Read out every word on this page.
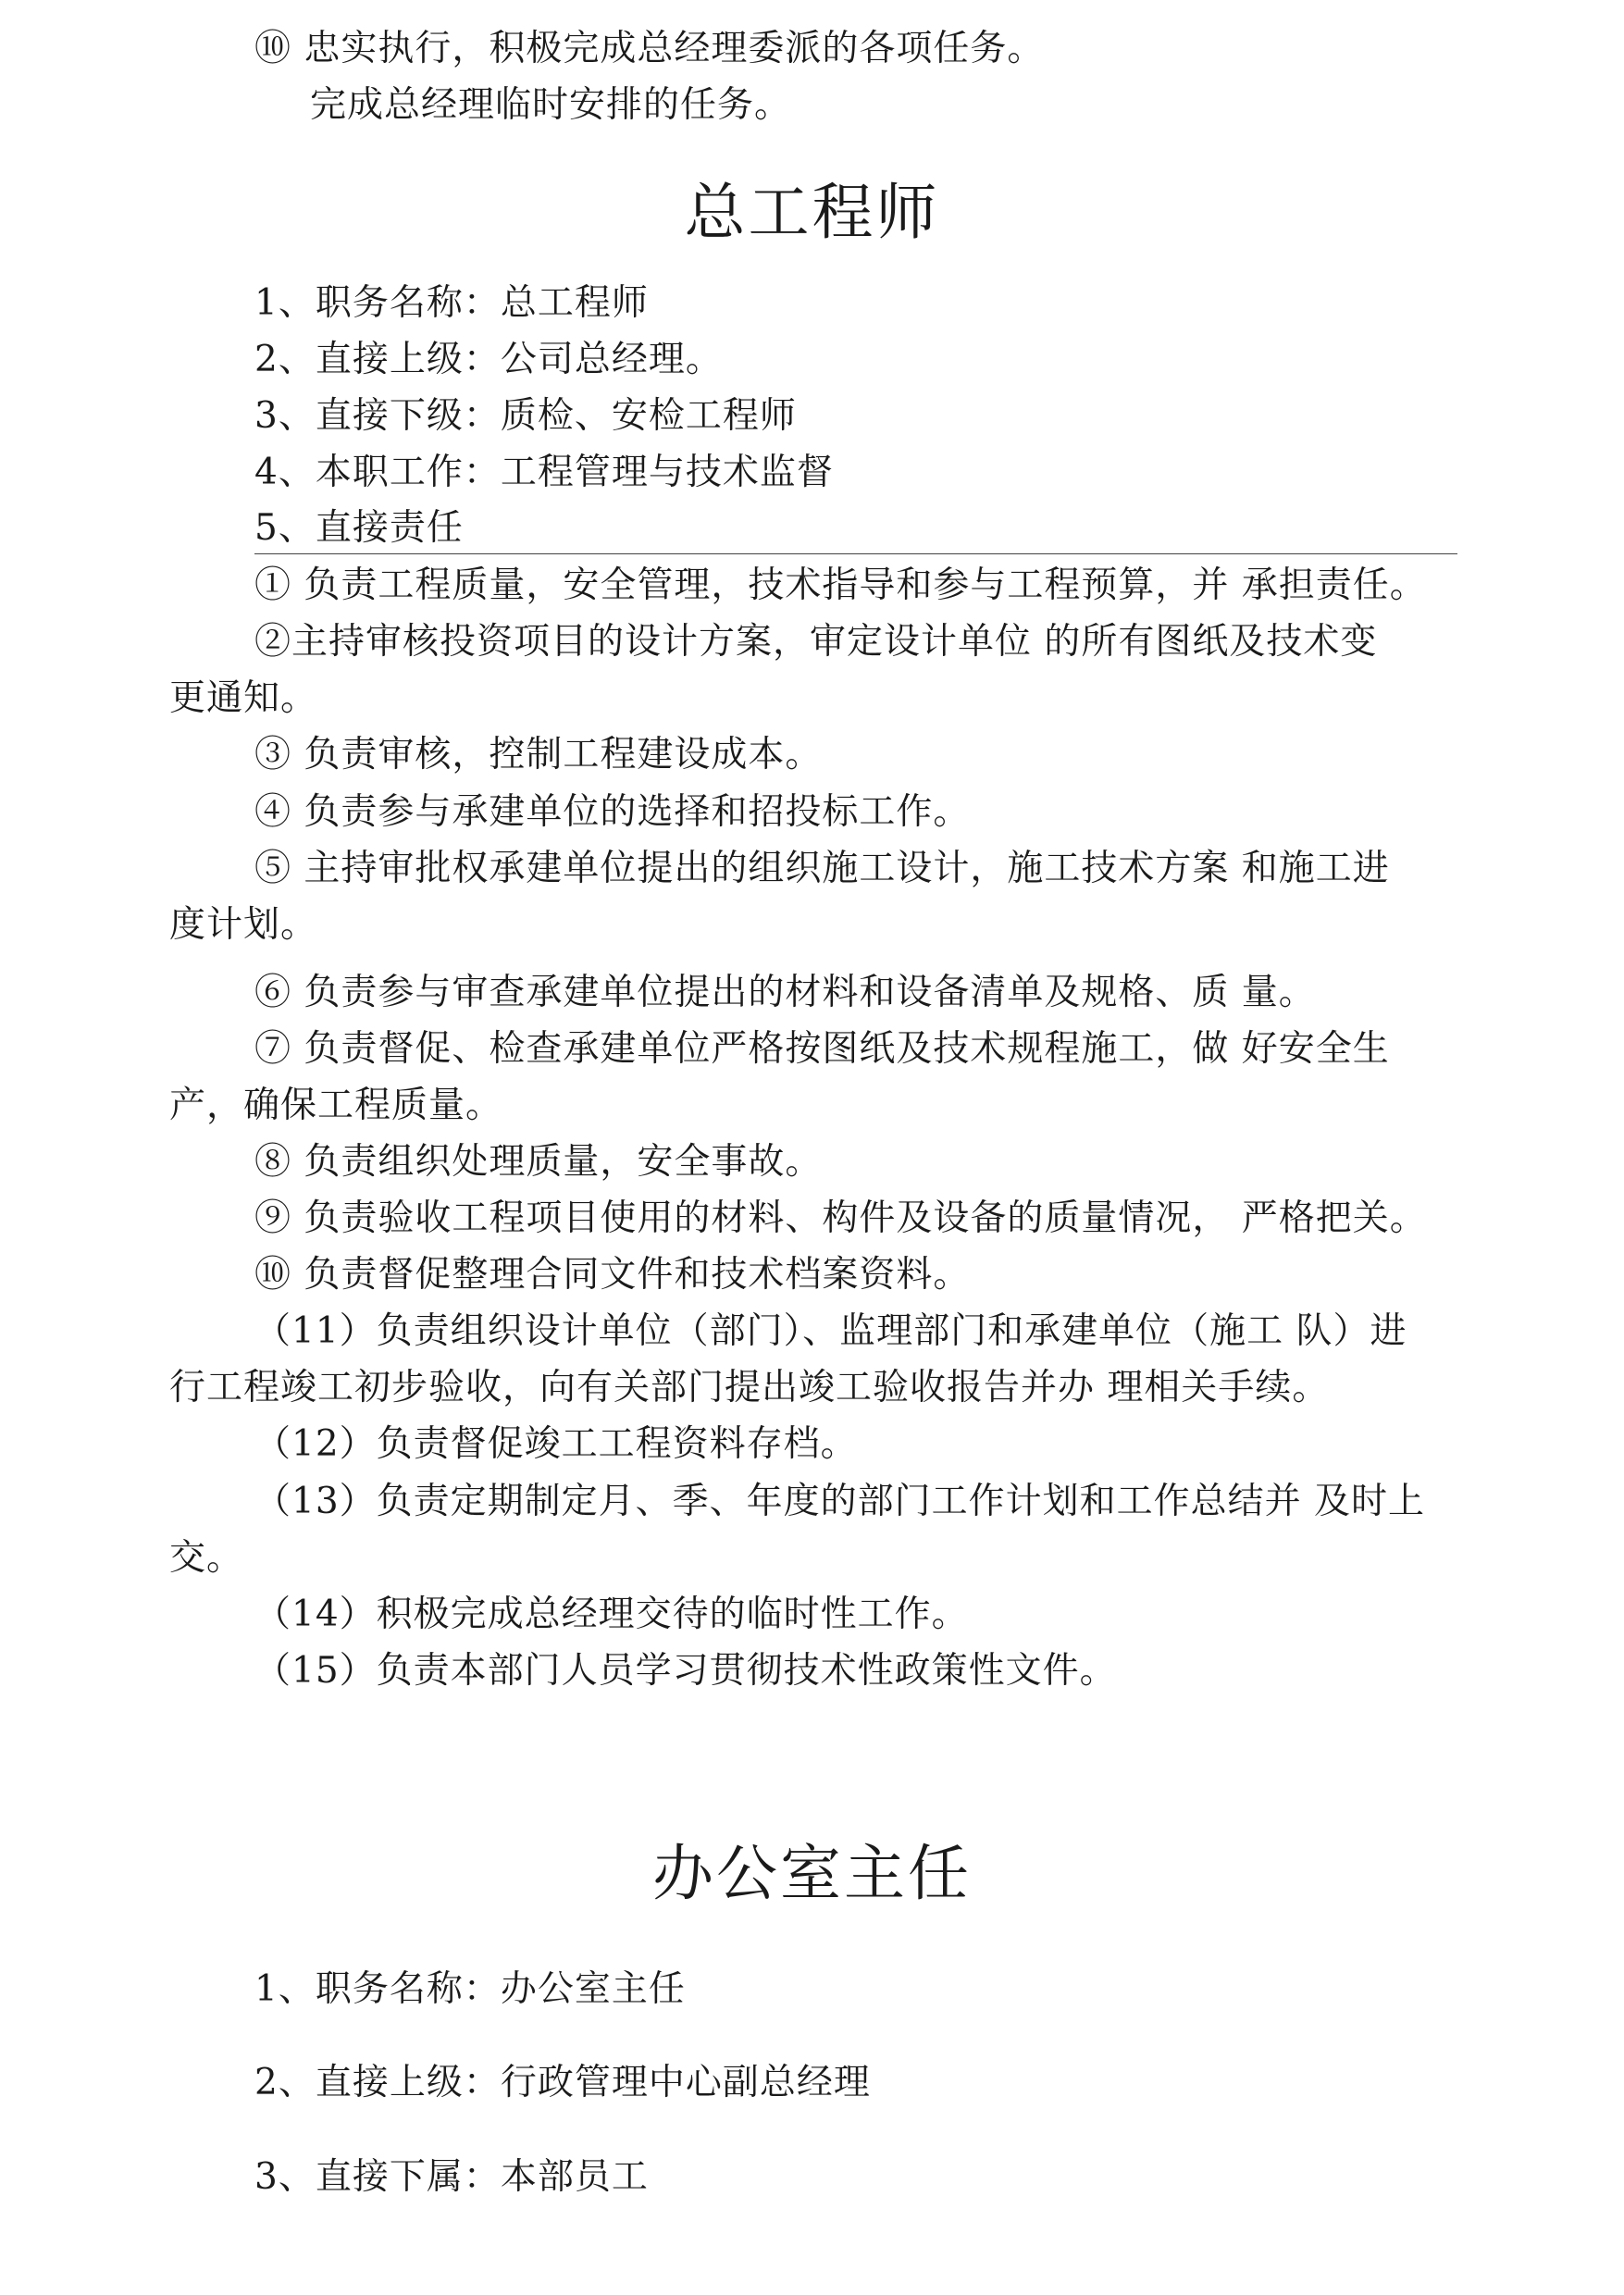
⑩ 忠实执行，积极完成总经理委派的各项任务。
完成总经理临时安排的任务。
总工程师
1、职务名称：总工程师
2、直接上级：公司总经理。
3、直接下级：质检、安检工程师
4、本职工作：工程管理与技术监督
5、直接责任
① 负责工程质量，安全管理，技术指导和参与工程预算，并 承担责任。
②主持审核投资项目的设计方案，审定设计单位 的所有图纸及技术变
更通知。
③ 负责审核，控制工程建设成本。
④ 负责参与承建单位的选择和招投标工作。
⑤ 主持审批权承建单位提出的组织施工设计，施工技术方案 和施工进
度计划。
⑥ 负责参与审查承建单位提出的材料和设备清单及规格、质 量。
⑦ 负责督促、检查承建单位严格按图纸及技术规程施工，做 好安全生
产，确保工程质量。
⑧ 负责组织处理质量，安全事故。
⑨ 负责验收工程项目使用的材料、构件及设备的质量情况， 严格把关。
⑩ 负责督促整理合同文件和技术档案资料。
（11）负责组织设计单位（部门）、监理部门和承建单位（施工 队）进
行工程竣工初步验收，向有关部门提出竣工验收报告并办 理相关手续。
（12）负责督促竣工工程资料存档。
（13）负责定期制定月、季、年度的部门工作计划和工作总结并 及时上
交。
（14）积极完成总经理交待的临时性工作。
（15）负责本部门人员学习贯彻技术性政策性文件。
办公室主任
1、职务名称：办公室主任
2、直接上级：行政管理中心副总经理
3、直接下属：本部员工
